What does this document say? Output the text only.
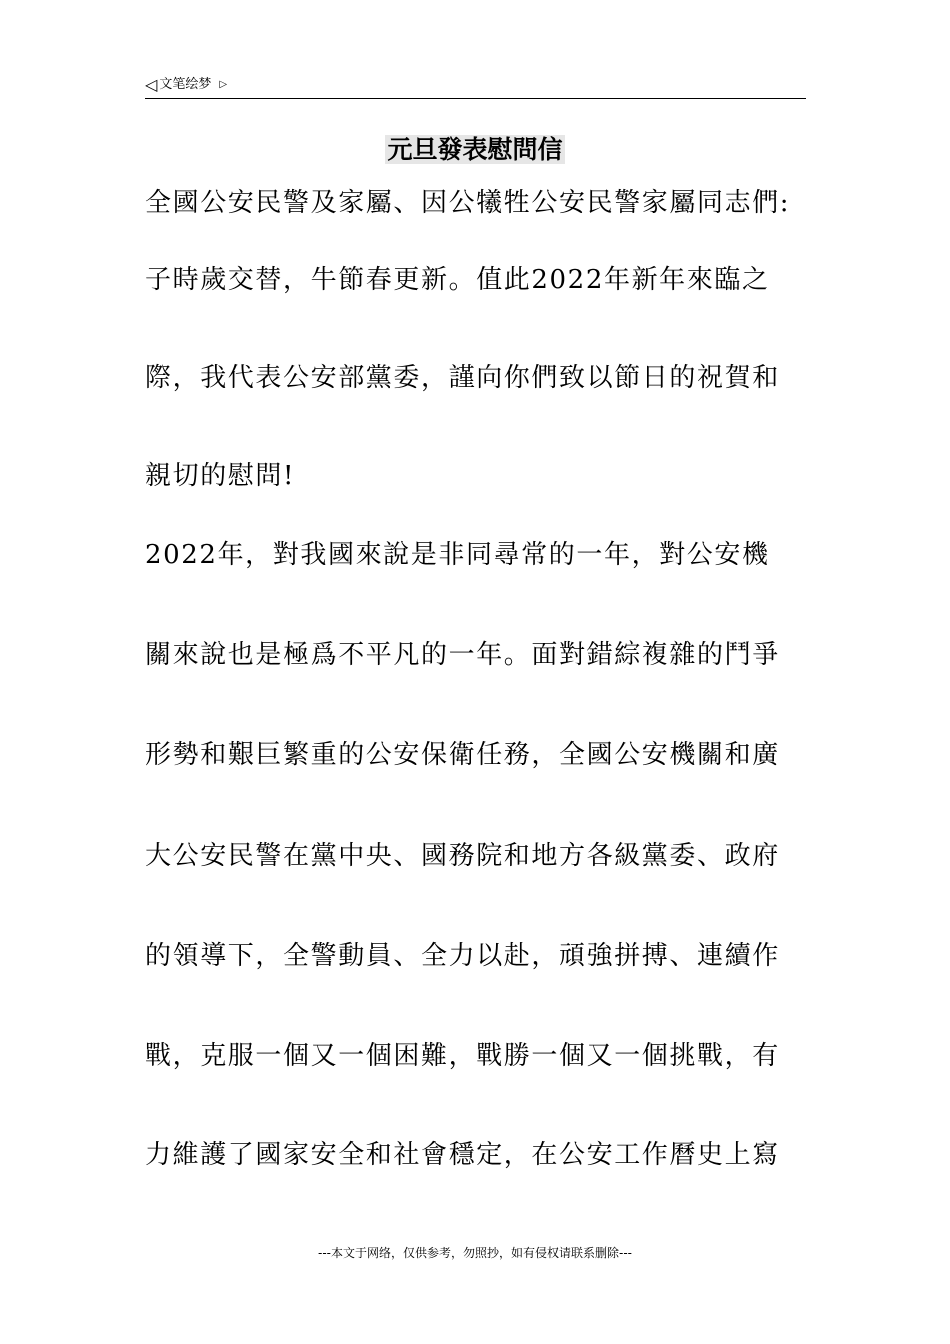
◁ 文笔绘梦 ▷
元旦發表慰問信
全國公安民警及家屬、因公犧牲公安民警家屬同志們:
子時歲交替，牛節春更新。值此2022年新年來臨之
際，我代表公安部黨委，謹向你們致以節日的祝賀和
親切的慰問!
2022年，對我國來說是非同尋常的一年，對公安機
關來說也是極爲不平凡的一年。面對錯綜複雜的鬥爭
形勢和艱巨繁重的公安保衛任務，全國公安機關和廣
大公安民警在黨中央、國務院和地方各級黨委、政府
的領導下，全警動員、全力以赴，頑強拼搏、連續作
戰，克服一個又一個困難，戰勝一個又一個挑戰，有
力維護了國家安全和社會穩定，在公安工作曆史上寫
---本文于网络，仅供参考，勿照抄，如有侵权请联系删除---
